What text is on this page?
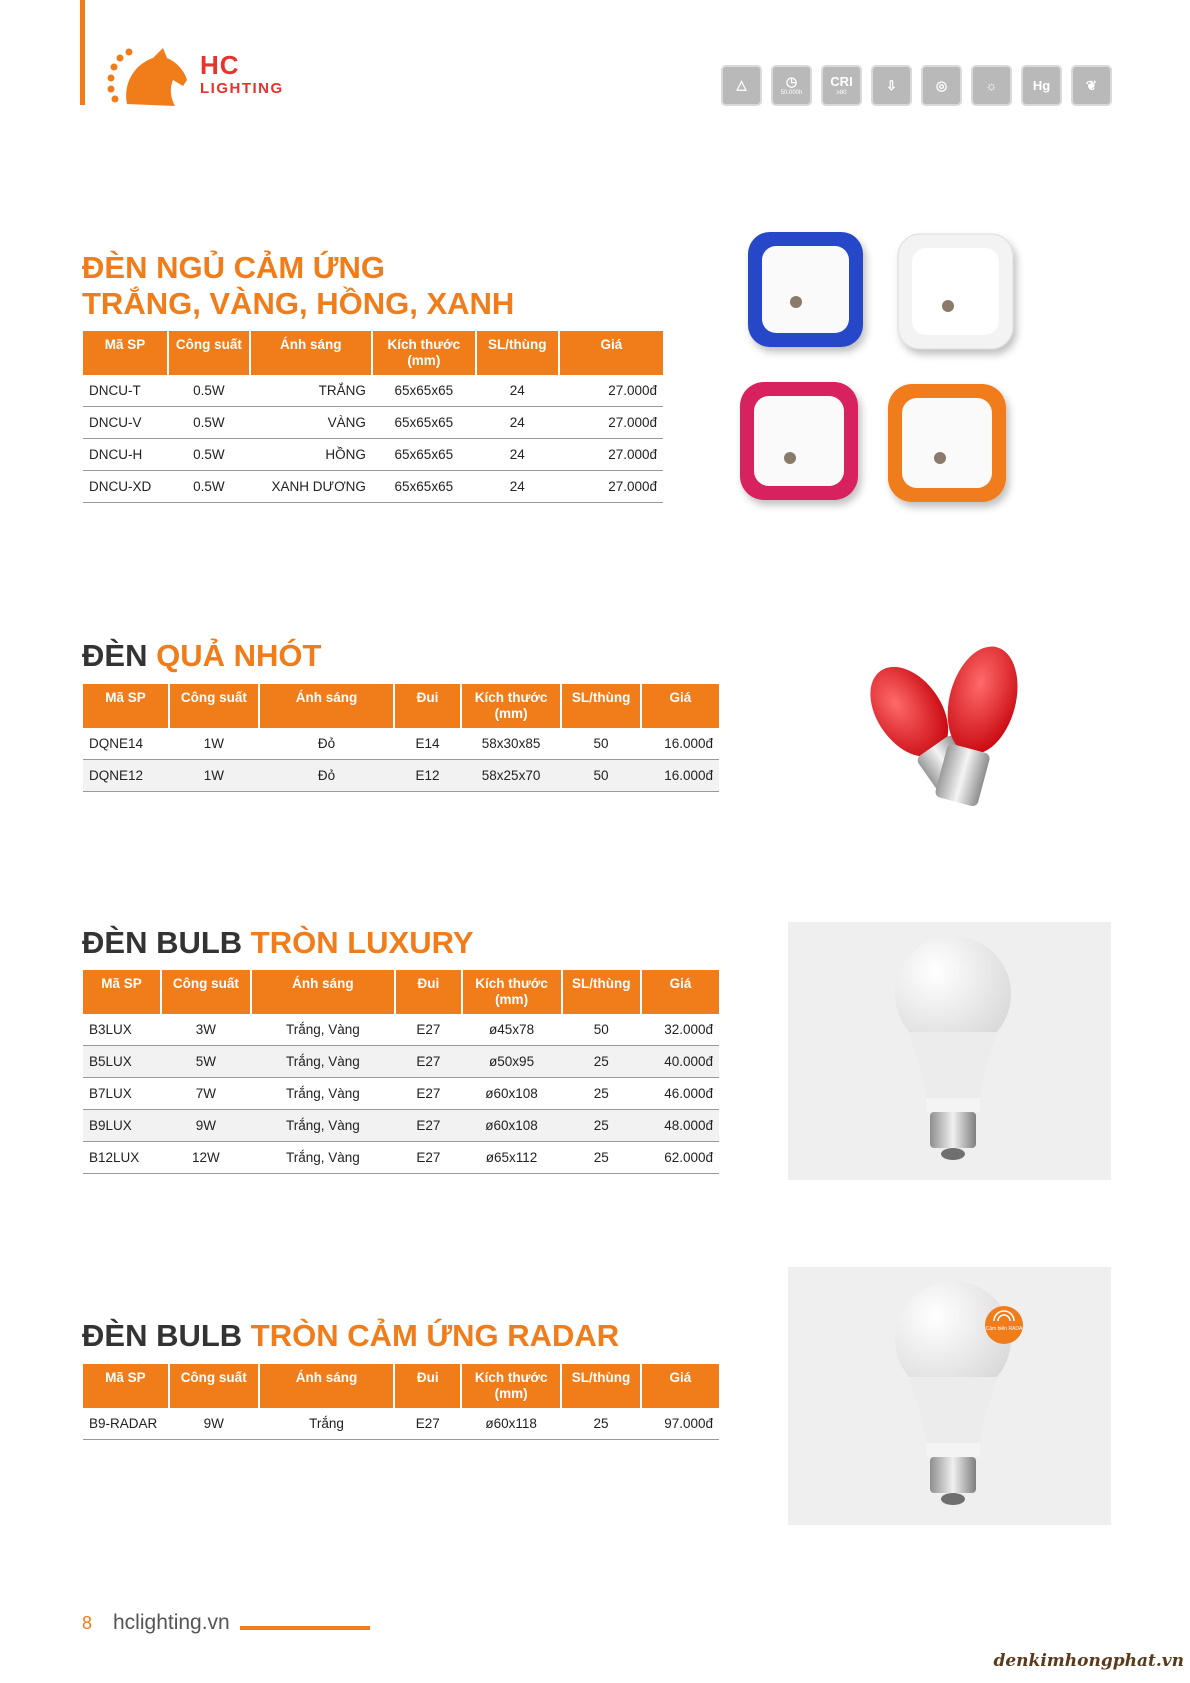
HC
LIGHTING	△	◷
50.000h
CRI
≥80	⇩	◎	☼	Hg	❦
ĐÈN NGỦ CẢM ỨNG
TRẮNG, VÀNG, HỒNG, XANH
Mã SP	Công suất	Ánh sáng	Kích thước (mm)	SL/thùng	Giá
DNCU-T	0.5W	TRẮNG	65x65x65	24	27.000đ
DNCU-V	0.5W	VÀNG	65x65x65	24	27.000đ
DNCU-H	0.5W	HỒNG	65x65x65	24	27.000đ
DNCU-XD	0.5W	XANH DƯƠNG	65x65x65	24	27.000đ
ĐÈN QUẢ NHÓT
Mã SP	Công suất	Ánh sáng	Đui	Kích thước (mm)	SL/thùng	Giá
DQNE14	1W	Đỏ	E14	58x30x85	50	16.000đ
DQNE12	1W	Đỏ	E12	58x25x70	50	16.000đ
ĐÈN BULB TRÒN LUXURY
Mã SP	Công suất	Ánh sáng	Đui	Kích thước (mm)	SL/thùng	Giá
B3LUX	3W	Trắng, Vàng	E27	ø45x78	50	32.000đ
B5LUX	5W	Trắng, Vàng	E27	ø50x95	25	40.000đ
B7LUX	7W	Trắng, Vàng	E27	ø60x108	25	46.000đ
B9LUX	9W	Trắng, Vàng	E27	ø60x108	25	48.000đ
B12LUX	12W	Trắng, Vàng	E27	ø65x112	25	62.000đ
ĐÈN BULB TRÒN CẢM ỨNG RADAR
Mã SP	Công suất	Ánh sáng	Đui	Kích thước (mm)	SL/thùng	Giá
B9-RADAR	9W	Trắng	E27	ø60x118	25	97.000đ
Cảm biến RADA
8 hclighting.vn
denkimhongphat.vn
